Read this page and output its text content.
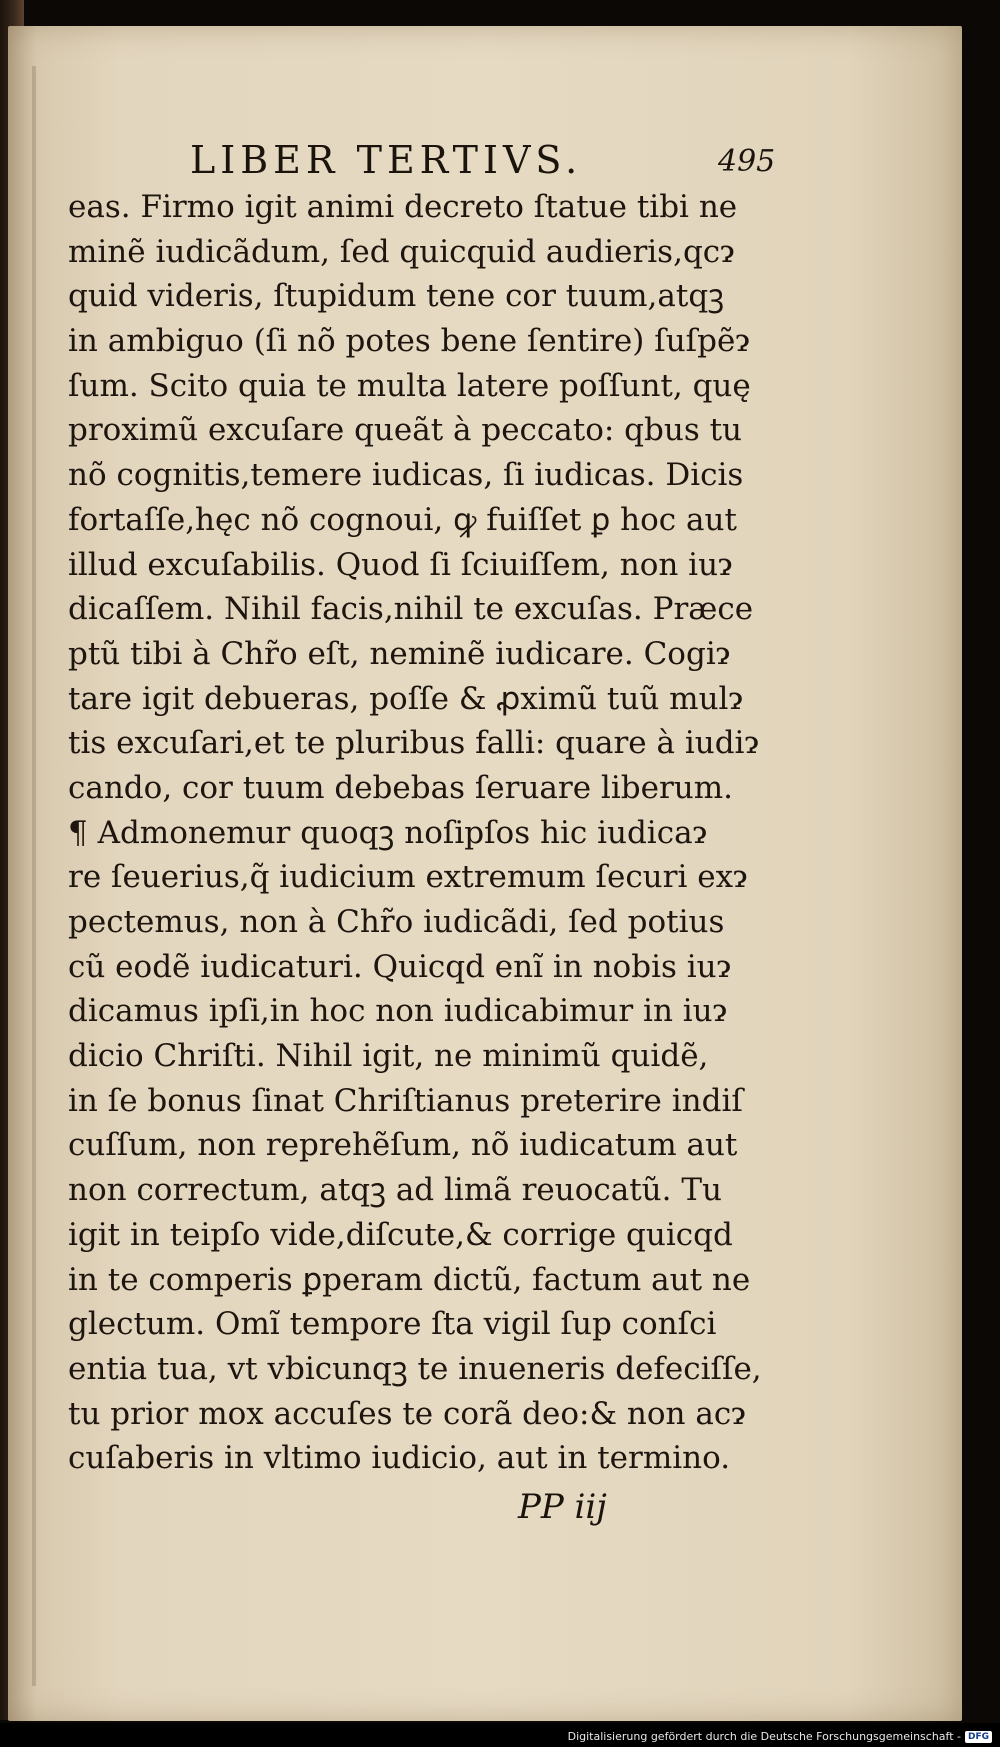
LIBER TERTIVS.	495
eas. Firmo igit animi decreto ſtatue tibi ne
minẽ iudicãdum, ſed quicquid audieris,qcɂ
quid videris, ſtupidum tene cor tuum,atqꝫ
in ambiguo (ſi nõ potes bene ſentire) ſuſpẽɂ
ſum. Scito quia te multa latere poſſunt, quę
proximũ excuſare queãt à peccato: qbus tu
nõ cognitis,temere iudicas, ſi iudicas. Dicis
fortaſſe,hęc nõ cognoui, ꝙ fuiſſet ꝑ hoc aut
illud excuſabilis. Quod ſi ſciuiſſem, non iuɂ
dicaſſem. Nihil facis,nihil te excuſas. Præce
ptũ tibi à Chr̃o eſt, neminẽ iudicare. Cogiɂ
tare igit debueras, poſſe & ꝓximũ tuũ mulɂ
tis excuſari,et te pluribus falli: quare à iudiɂ
cando, cor tuum debebas ſeruare liberum.
¶ Admonemur quoqꝫ noſipſos hic iudicaɂ
re ſeuerius,q̃ iudicium extremum ſecuri exɂ
pectemus, non à Chr̃o iudicãdi, ſed potius
cũ eodẽ iudicaturi. Quicqd enĩ in nobis iuɂ
dicamus ipſi,in hoc non iudicabimur in iuɂ
dicio Chriſti. Nihil igit, ne minimũ quidẽ,
in ſe bonus ſinat Chriſtianus preterire indiſ
cuſſum, non reprehẽſum, nõ iudicatum aut
non correctum, atqꝫ ad limã reuocatũ. Tu
igit in teipſo vide,diſcute,& corrige quicqd
in te comperis ꝑperam dictũ, factum aut ne
glectum. Omĩ tempore ſta vigil ſup conſci
entia tua, vt vbicunqꝫ te inueneris defeciſſe,
tu prior mox accuſes te corã deo:& non acɂ
cuſaberis in vltimo iudicio, aut in termino.
PP iij
Digitalisierung gefördert durch die Deutsche Forschungsgemeinschaft - DFG
